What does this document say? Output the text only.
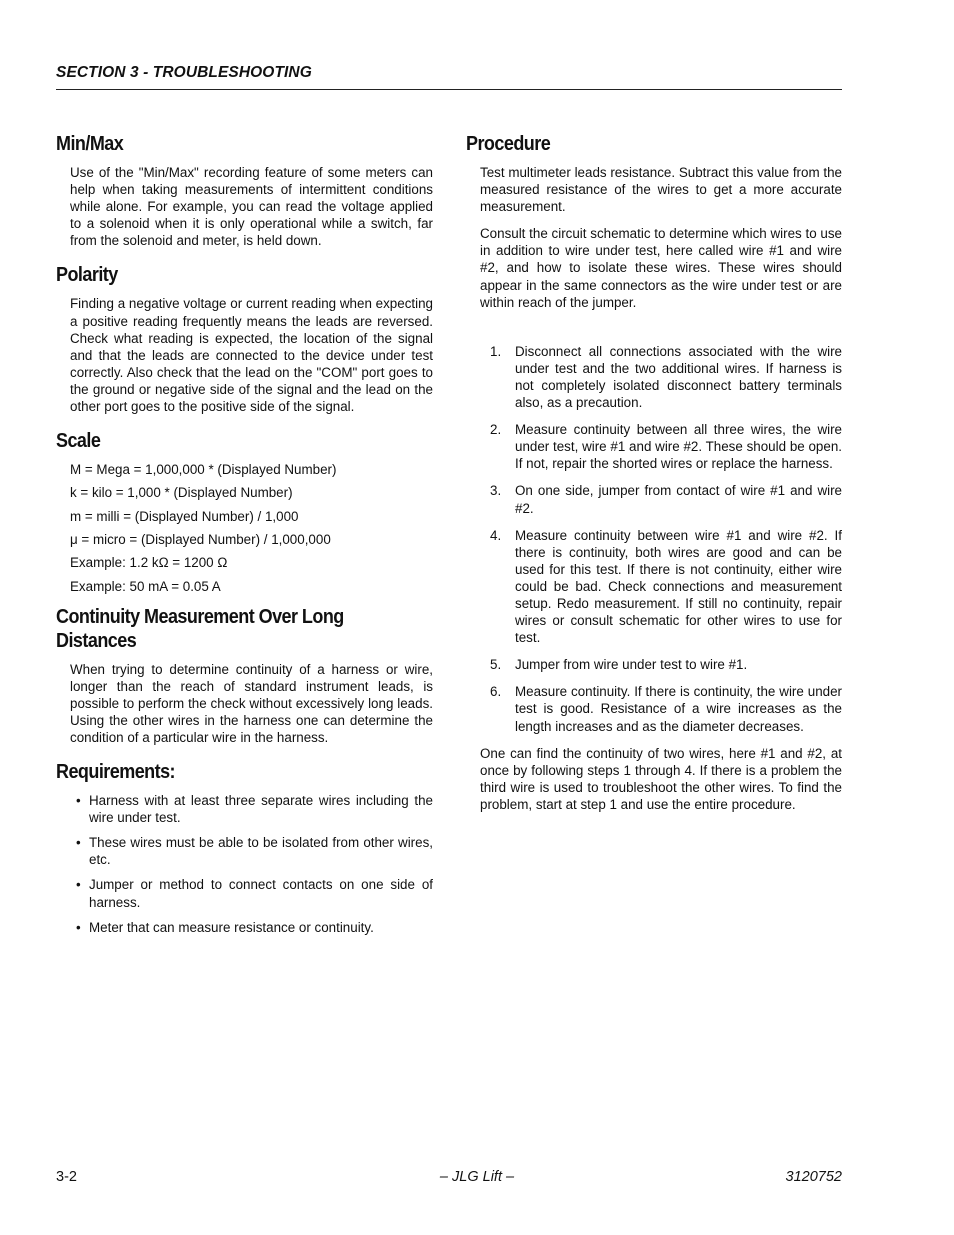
SECTION 3 - TROUBLESHOOTING
Min/Max

Use of the "Min/Max" recording feature of some meters can help when taking measurements of intermittent conditions while alone. For example, you can read the voltage applied to a solenoid when it is only operational while a switch, far from the solenoid and meter, is held down.

Polarity

Finding a negative voltage or current reading when expecting a positive reading frequently means the leads are reversed. Check what reading is expected, the location of the signal and that the leads are connected to the device under test correctly. Also check that the lead on the "COM" port goes to the ground or negative side of the signal and the lead on the other port goes to the positive side of the signal.

Scale
M = Mega = 1,000,000 * (Displayed Number)
k = kilo = 1,000 * (Displayed Number)
m = milli = (Displayed Number) / 1,000
μ = micro = (Displayed Number) / 1,000,000
Example: 1.2 kΩ = 1200 Ω
Example: 50 mA = 0.05 A
Continuity Measurement Over Long
Distances

When trying to determine continuity of a harness or wire, longer than the reach of standard instrument leads, is possible to perform the check without excessively long leads. Using the other wires in the harness one can determine the condition of a particular wire in the harness.

Requirements:
• Harness with at least three separate wires including the wire under test.
• These wires must be able to be isolated from other wires, etc.
• Jumper or method to connect contacts on one side of harness.
• Meter that can measure resistance or continuity.
Procedure

Test multimeter leads resistance. Subtract this value from the measured resistance of the wires to get a more accurate measurement.

Consult the circuit schematic to determine which wires to use in addition to wire under test, here called wire #1 and wire #2, and how to isolate these wires. These wires should appear in the same connectors as the wire under test or are within reach of the jumper.

1. Disconnect all connections associated with the wire under test and the two additional wires. If harness is not completely isolated disconnect battery terminals also, as a precaution.
2. Measure continuity between all three wires, the wire under test, wire #1 and wire #2. These should be open. If not, repair the shorted wires or replace the harness.
3. On one side, jumper from contact of wire #1 and wire #2.
4. Measure continuity between wire #1 and wire #2. If there is continuity, both wires are good and can be used for this test. If there is not continuity, either wire could be bad. Check connections and measurement setup. Redo measurement. If still no continuity, repair wires or consult schematic for other wires to use for test.
5. Jumper from wire under test to wire #1.
6. Measure continuity. If there is continuity, the wire under test is good. Resistance of a wire increases as the length increases and as the diameter decreases.

One can find the continuity of two wires, here #1 and #2, at once by following steps 1 through 4. If there is a problem the third wire is used to troubleshoot the other wires. To find the problem, start at step 1 and use the entire procedure.

3-2	– JLG Lift –	3120752
